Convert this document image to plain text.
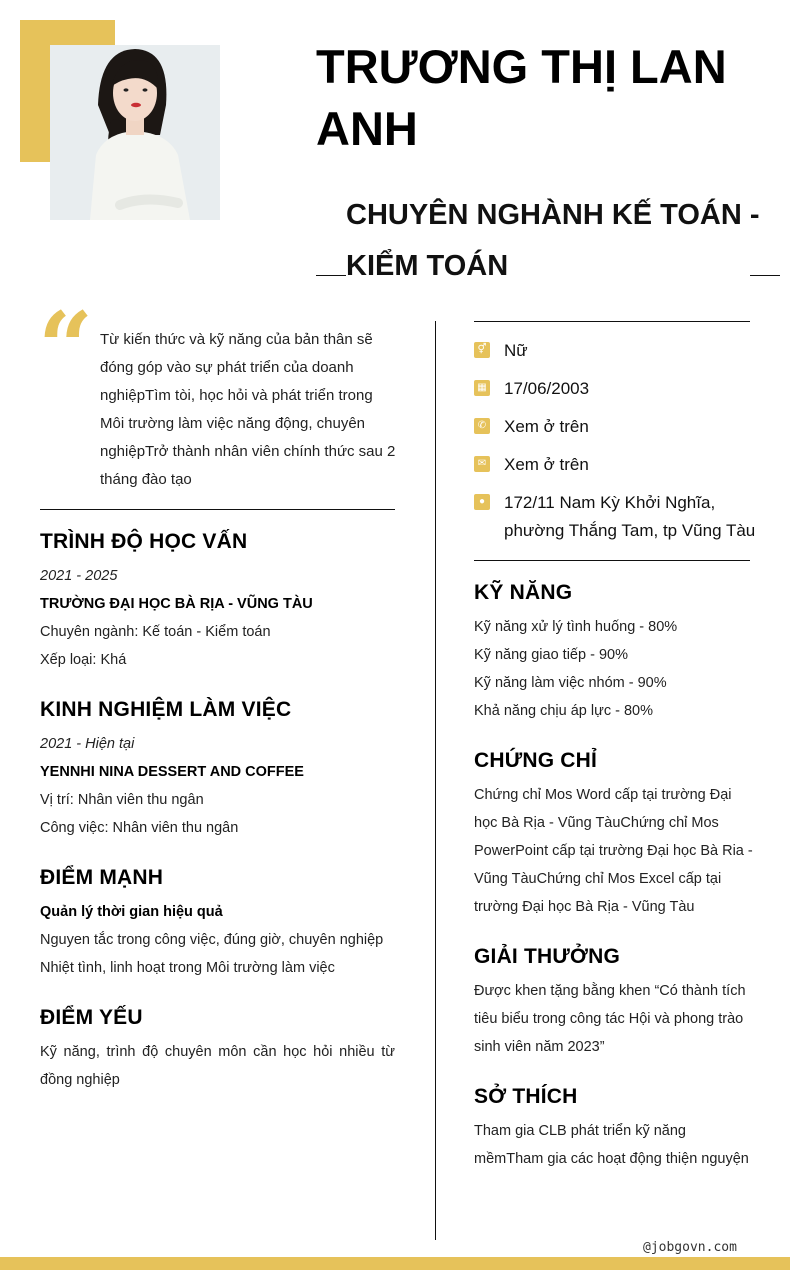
TRƯƠNG THỊ LAN ANH
CHUYÊN NGHÀNH KẾ TOÁN - KIỂM TOÁN
“ Từ kiến thức và kỹ năng của bản thân sẽ đóng góp vào sự phát triển của doanh nghiệpTìm tòi, học hỏi và phát triển trong Môi trường làm việc năng động, chuyên nghiệpTrở thành nhân viên chính thức sau 2 tháng đào tạo
TRÌNH ĐỘ HỌC VẤN
2021 - 2025
TRƯỜNG ĐẠI HỌC BÀ RỊA - VŨNG TÀU
Chuyên ngành: Kế toán - Kiểm toán
Xếp loại: Khá
KINH NGHIỆM LÀM VIỆC
2021 - Hiện tại
YENNHI NINA DESSERT AND COFFEE
Vị trí: Nhân viên thu ngân
Công việc: Nhân viên thu ngân
ĐIỂM MẠNH
Quản lý thời gian hiệu quả
Nguyen tắc trong công việc, đúng giờ, chuyên nghiệp
Nhiệt tình, linh hoạt trong Môi trường làm việc
ĐIỂM YẾU
Kỹ năng, trình độ chuyên môn cần học hỏi nhiều từ đồng nghiệp
⚥ Nữ
▦ 17/06/2003
✆ Xem ở trên
✉ Xem ở trên
● 172/11 Nam Kỳ Khởi Nghĩa, phường Thắng Tam, tp Vũng Tàu
KỸ NĂNG
Kỹ năng xử lý tình huống - 80%
Kỹ năng giao tiếp - 90%
Kỹ năng làm việc nhóm - 90%
Khả năng chịu áp lực - 80%
CHỨNG CHỈ
Chứng chỉ Mos Word cấp tại trường Đại học Bà Rịa - Vũng TàuChứng chỉ Mos PowerPoint cấp tại trường Đại học Bà Ria - Vũng TàuChứng chỉ Mos Excel cấp tại trường Đại học Bà Rịa - Vũng Tàu
GIẢI THƯỞNG
Được khen tặng bằng khen “Có thành tích tiêu biểu trong công tác Hội và phong trào sinh viên năm 2023”
SỞ THÍCH
Tham gia CLB phát triển kỹ năng mềmTham gia các hoạt động thiện nguyện
@jobgovn.com
